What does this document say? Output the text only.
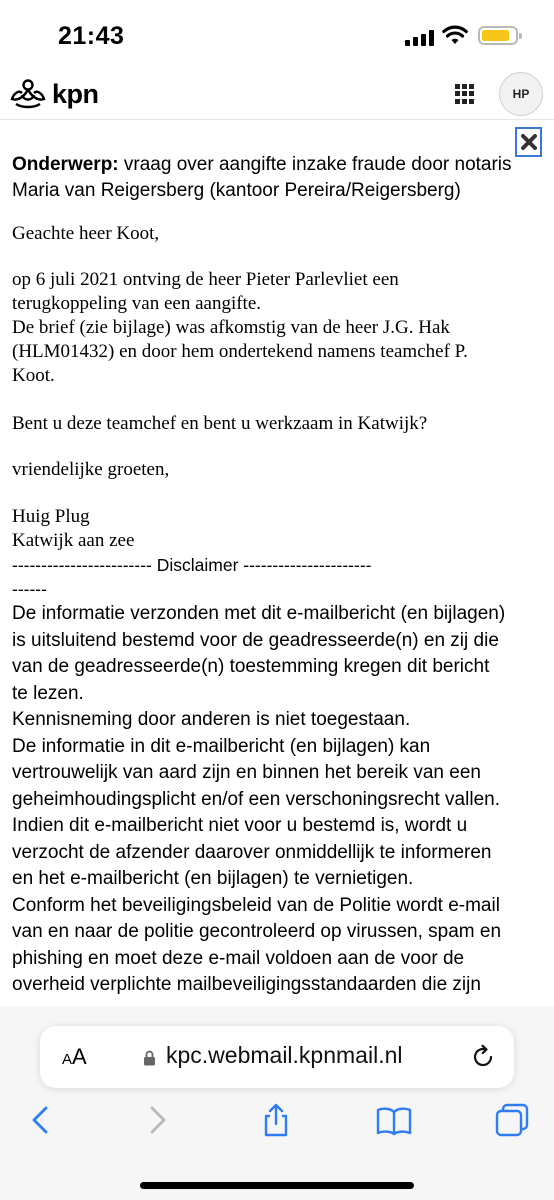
21:43
kpn	HP
Onderwerp: vraag over aangifte inzake fraude door notaris Maria van Reigersberg (kantoor Pereira/Reigersberg)
Geachte heer Koot,
op 6 juli 2021 ontving de heer Pieter Parlevliet een
terugkoppeling van een aangifte.
De brief (zie bijlage) was afkomstig van de heer J.G. Hak
(HLM01432) en door hem ondertekend namens teamchef P.
Koot.
Bent u deze teamchef en bent u werkzaam in Katwijk?
vriendelijke groeten,
Huig Plug
Katwijk aan zee
------------------------ Disclaimer ----------------------
------
De informatie verzonden met dit e-mailbericht (en bijlagen)
is uitsluitend bestemd voor de geadresseerde(n) en zij die
van de geadresseerde(n) toestemming kregen dit bericht
te lezen.
Kennisneming door anderen is niet toegestaan.
De informatie in dit e-mailbericht (en bijlagen) kan
vertrouwelijk van aard zijn en binnen het bereik van een
geheimhoudingsplicht en/of een verschoningsrecht vallen.
Indien dit e-mailbericht niet voor u bestemd is, wordt u
verzocht de afzender daarover onmiddellijk te informeren
en het e-mailbericht (en bijlagen) te vernietigen.
Conform het beveiligingsbeleid van de Politie wordt e-mail
van en naar de politie gecontroleerd op virussen, spam en
phishing en moet deze e-mail voldoen aan de voor de
overheid verplichte mailbeveiligingsstandaarden die zijn
AA	kpc.webmail.kpnmail.nl
